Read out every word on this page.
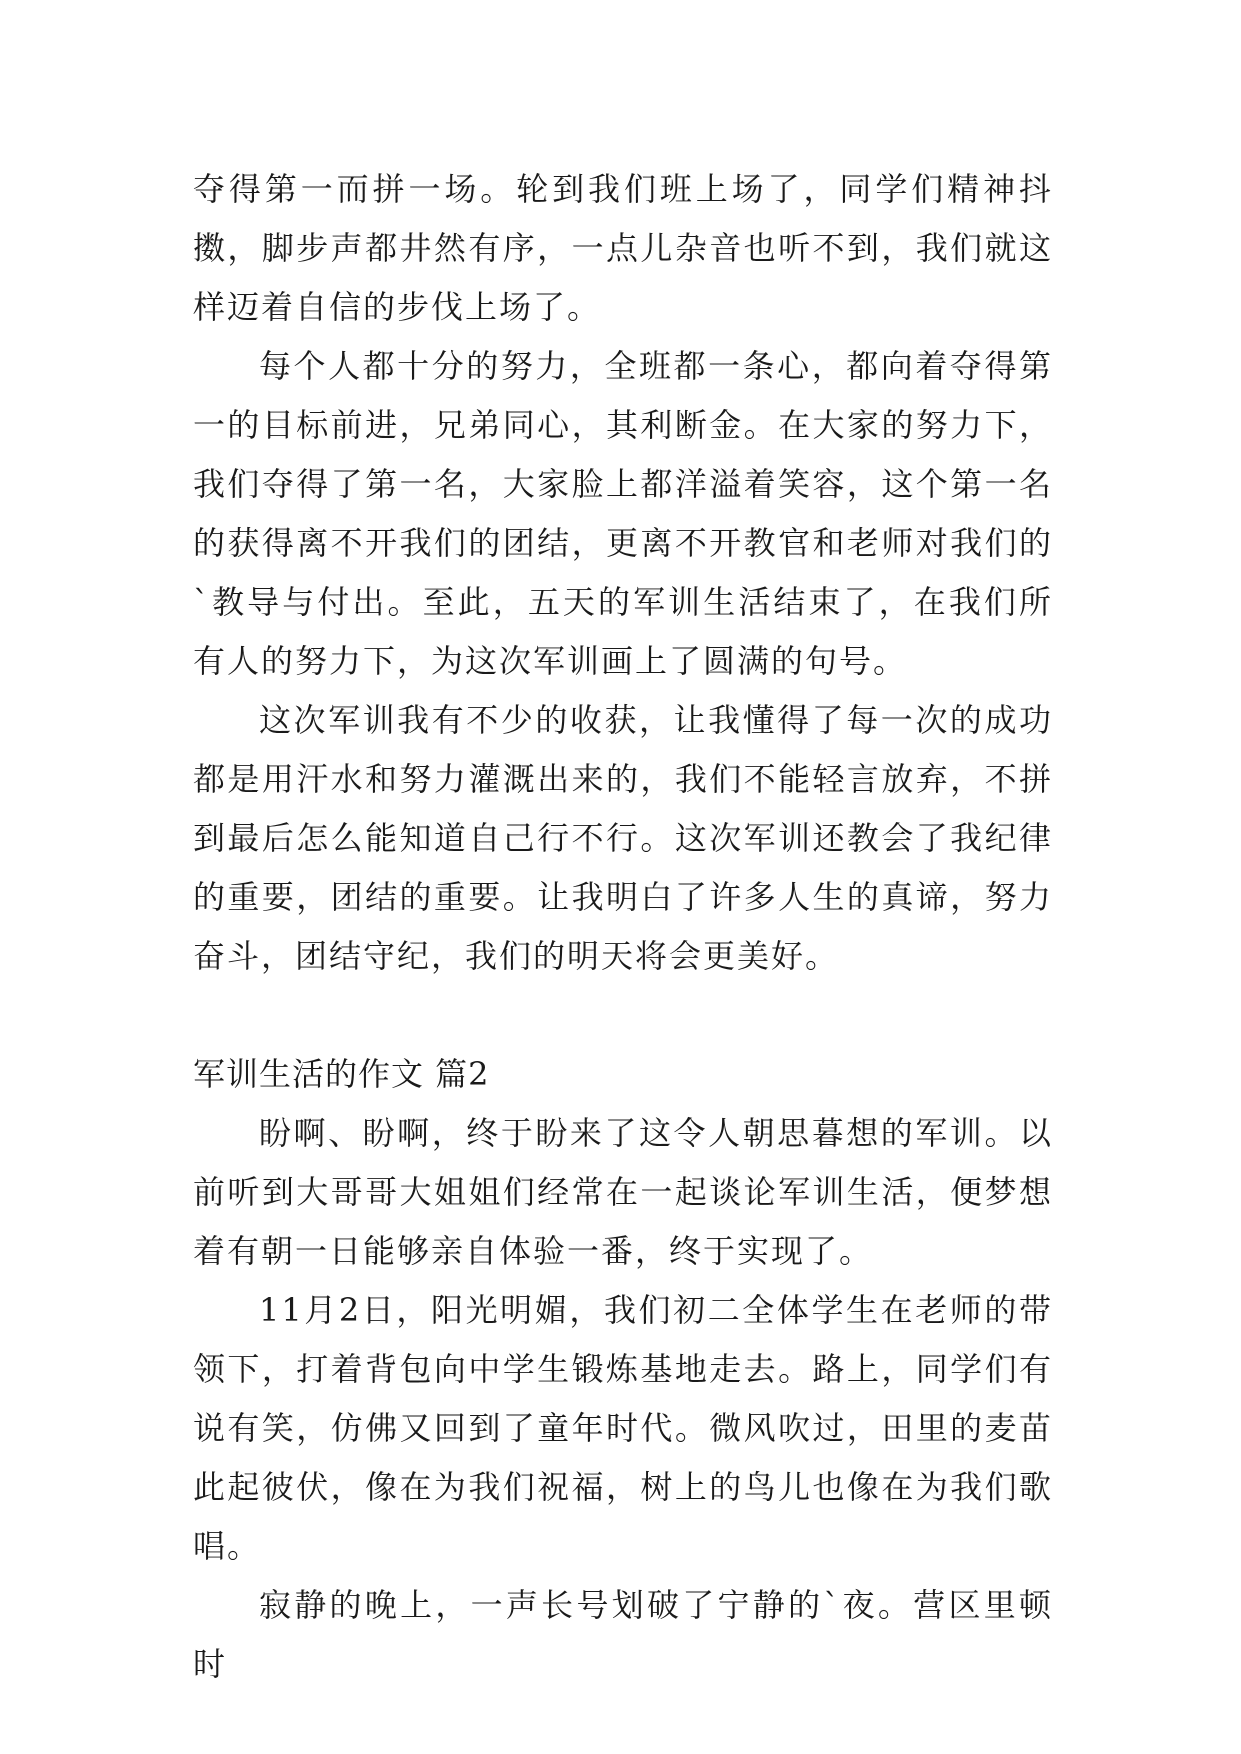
夺得第一而拼一场。轮到我们班上场了，同学们精神抖擞，脚步声都井然有序，一点儿杂音也听不到，我们就这样迈着自信的步伐上场了。

每个人都十分的努力，全班都一条心，都向着夺得第一的目标前进，兄弟同心，其利断金。在大家的努力下，我们夺得了第一名，大家脸上都洋溢着笑容，这个第一名的获得离不开我们的团结，更离不开教官和老师对我们的`教导与付出。至此，五天的军训生活结束了，在我们所有人的努力下，为这次军训画上了圆满的句号。

这次军训我有不少的收获，让我懂得了每一次的成功都是用汗水和努力灌溉出来的，我们不能轻言放弃，不拼到最后怎么能知道自己行不行。这次军训还教会了我纪律的重要，团结的重要。让我明白了许多人生的真谛，努力奋斗，团结守纪，我们的明天将会更美好。

军训生活的作文 篇2

盼啊、盼啊，终于盼来了这令人朝思暮想的军训。以前听到大哥哥大姐姐们经常在一起谈论军训生活，便梦想着有朝一日能够亲自体验一番，终于实现了。

11月2日，阳光明媚，我们初二全体学生在老师的带领下，打着背包向中学生锻炼基地走去。路上，同学们有说有笑，仿佛又回到了童年时代。微风吹过，田里的麦苗此起彼伏，像在为我们祝福，树上的鸟儿也像在为我们歌唱。

寂静的晚上，一声长号划破了宁静的`夜。营区里顿时
